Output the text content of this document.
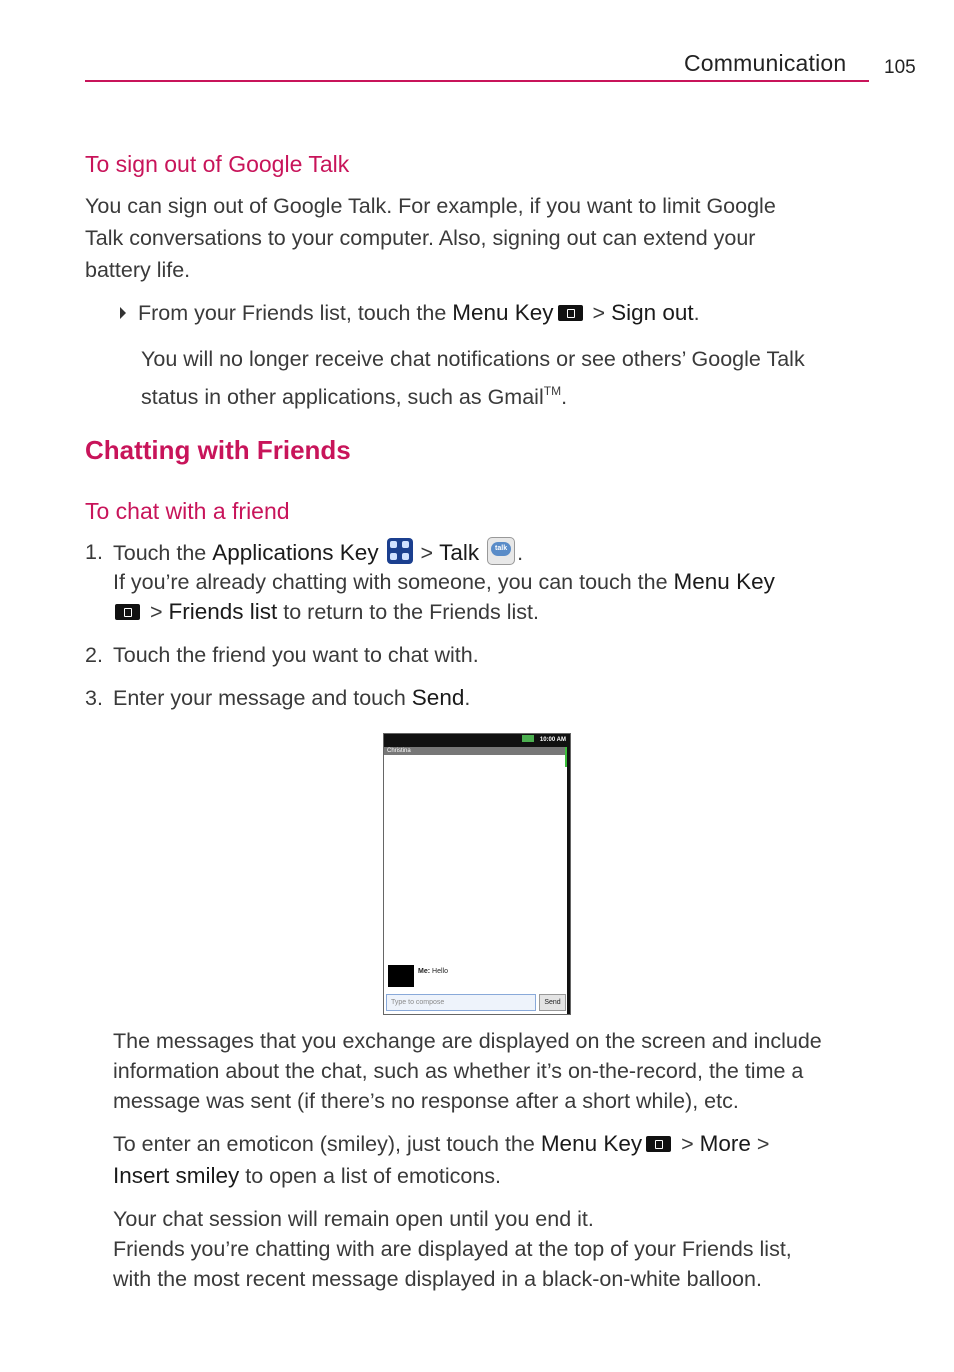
Communication 105
To sign out of Google Talk
You can sign out of Google Talk. For example, if you want to limit Google
Talk conversations to your computer. Also, signing out can extend your
battery life.
From your Friends list, touch the Menu Key > Sign out.
You will no longer receive chat notifications or see others’ Google Talk
status in other applications, such as Gmail™.
Chatting with Friends
To chat with a friend
1. Touch the Applications Key
> Talk	talk .
If you’re already chatting with someone, you can touch the Menu Key
> Friends list to return to the Friends list.
2. Touch the friend you want to chat with.
3. Enter your message and touch Send.
10:00 AM
Christina
Me: Hello
Type to compose	Send
The messages that you exchange are displayed on the screen and include
information about the chat, such as whether it’s on-the-record, the time a
message was sent (if there’s no response after a short while), etc.
To enter an emoticon (smiley), just touch the Menu Key > More >
Insert smiley to open a list of emoticons.
Your chat session will remain open until you end it.
Friends you’re chatting with are displayed at the top of your Friends list,
with the most recent message displayed in a black-on-white balloon.
